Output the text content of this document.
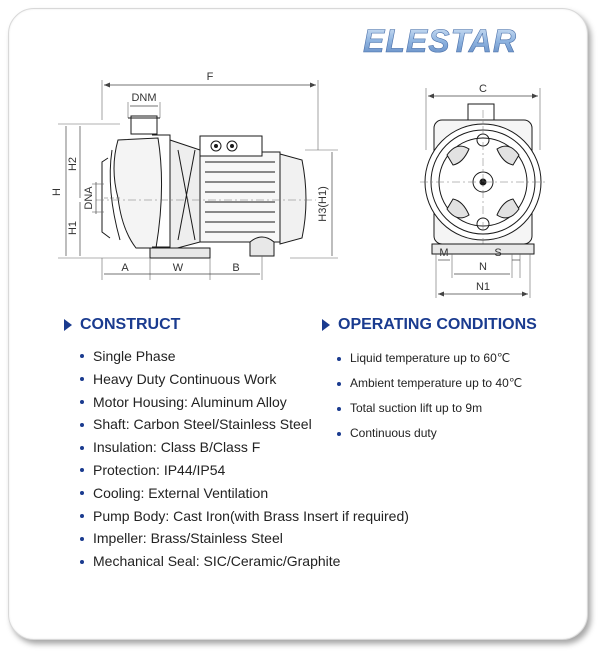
ELESTAR
F
DNM
H
H2
H1
DNA
A	W	B
H3(H1)
C
M
N
S
N1
CONSTRUCT
Single Phase
Heavy Duty Continuous Work
Motor Housing: Aluminum Alloy
Shaft: Carbon Steel/Stainless Steel
Insulation: Class B/Class F
Protection: IP44/IP54
Cooling: External Ventilation
Pump Body: Cast Iron(with Brass Insert if required)
Impeller: Brass/Stainless Steel
Mechanical Seal: SIC/Ceramic/Graphite
OPERATING CONDITIONS
Liquid temperature up to 60℃
Ambient temperature up to 40℃
Total suction lift up to 9m
Continuous duty
